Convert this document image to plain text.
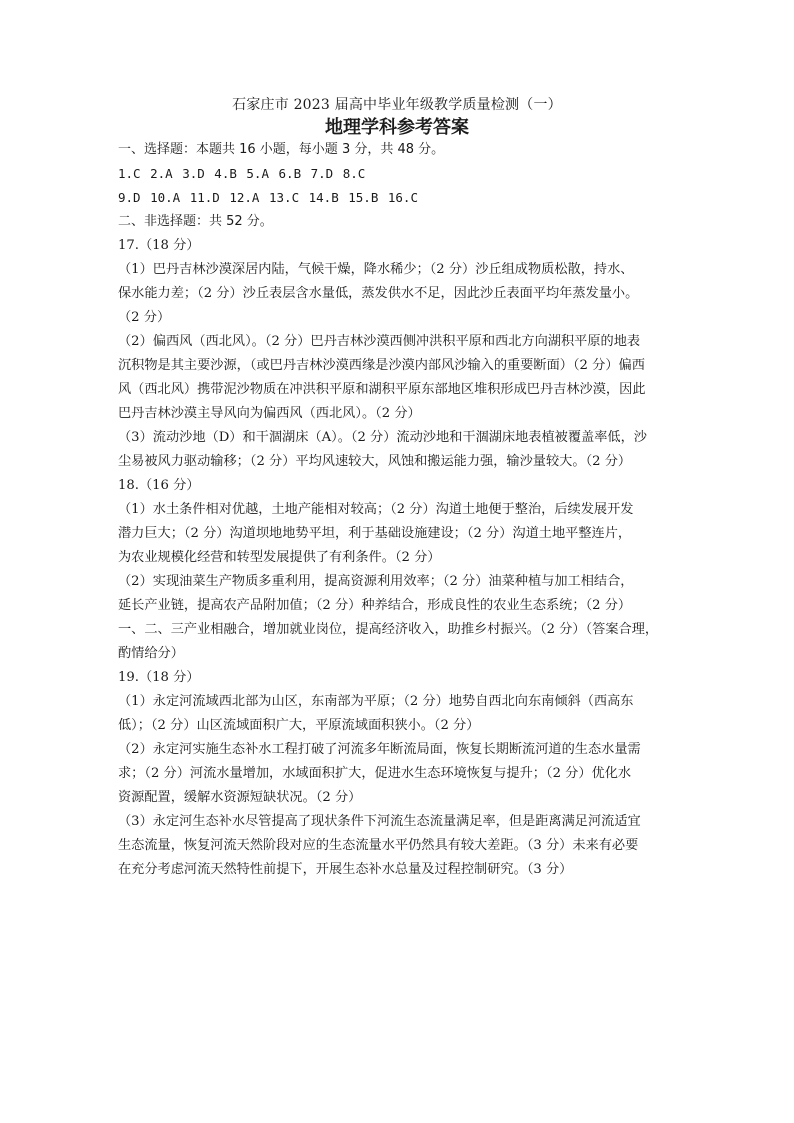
石家庄市 2023 届高中毕业年级教学质量检测（一）
地理学科参考答案
一、选择题：本题共 16 小题，每小题 3 分，共 48 分。
1.C 2.A 3.D 4.B 5.A 6.B 7.D 8.C
9.D 10.A 11.D 12.A 13.C 14.B 15.B 16.C
二、非选择题：共 52 分。
17.（18 分）
（1）巴丹吉林沙漠深居内陆，气候干燥，降水稀少；（2 分）沙丘组成物质松散，持水、
保水能力差；（2 分）沙丘表层含水量低，蒸发供水不足，因此沙丘表面平均年蒸发量小。
（2 分）
（2）偏西风（西北风）。（2 分）巴丹吉林沙漠西侧冲洪积平原和西北方向湖积平原的地表
沉积物是其主要沙源，（或巴丹吉林沙漠西缘是沙漠内部风沙输入的重要断面）（2 分）偏西
风（西北风）携带泥沙物质在冲洪积平原和湖积平原东部地区堆积形成巴丹吉林沙漠，因此
巴丹吉林沙漠主导风向为偏西风（西北风）。（2 分）
（3）流动沙地（D）和干涸湖床（A）。（2 分）流动沙地和干涸湖床地表植被覆盖率低，沙
尘易被风力驱动输移；（2 分）平均风速较大，风蚀和搬运能力强，输沙量较大。（2 分）
18.（16 分）
（1）水土条件相对优越，土地产能相对较高；（2 分）沟道土地便于整治，后续发展开发
潜力巨大；（2 分）沟道坝地地势平坦，利于基础设施建设；（2 分）沟道土地平整连片，
为农业规模化经营和转型发展提供了有利条件。（2 分）
（2）实现油菜生产物质多重利用，提高资源利用效率；（2 分）油菜种植与加工相结合，
延长产业链，提高农产品附加值；（2 分）种养结合，形成良性的农业生态系统；（2 分）
一、二、三产业相融合，增加就业岗位，提高经济收入，助推乡村振兴。（2 分）（答案合理，
酌情给分）
19.（18 分）
（1）永定河流域西北部为山区，东南部为平原；（2 分）地势自西北向东南倾斜（西高东
低）；（2 分）山区流域面积广大，平原流域面积狭小。（2 分）
（2）永定河实施生态补水工程打破了河流多年断流局面，恢复长期断流河道的生态水量需
求；（2 分）河流水量增加，水域面积扩大，促进水生态环境恢复与提升；（2 分）优化水
资源配置，缓解水资源短缺状况。（2 分）
（3）永定河生态补水尽管提高了现状条件下河流生态流量满足率，但是距离满足河流适宜
生态流量，恢复河流天然阶段对应的生态流量水平仍然具有较大差距。（3 分）未来有必要
在充分考虑河流天然特性前提下，开展生态补水总量及过程控制研究。（3 分）
